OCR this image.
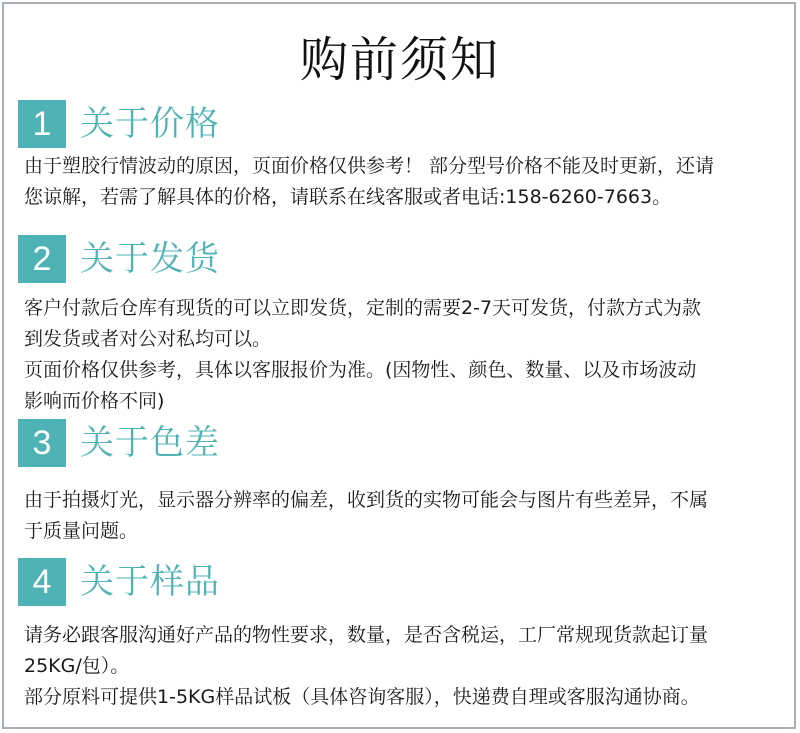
购前须知
1 关于价格
由于塑胶行情波动的原因，页面价格仅供参考！ 部分型号价格不能及时更新，还请
您谅解，若需了解具体的价格，请联系在线客服或者电话:158-6260-7663。
2 关于发货
客户付款后仓库有现货的可以立即发货，定制的需要2-7天可发货，付款方式为款
到发货或者对公对私均可以。
页面价格仅供参考，具体以客服报价为准。(因物性、颜色、数量、以及市场波动
影响而价格不同)
3 关于色差
由于拍摄灯光，显示器分辨率的偏差，收到货的实物可能会与图片有些差异，不属
于质量问题。
4 关于样品
请务必跟客服沟通好产品的物性要求，数量，是否含税运，工厂常规现货款起订量
25KG/包）。
部分原料可提供1-5KG样品试板（具体咨询客服），快递费自理或客服沟通协商。
